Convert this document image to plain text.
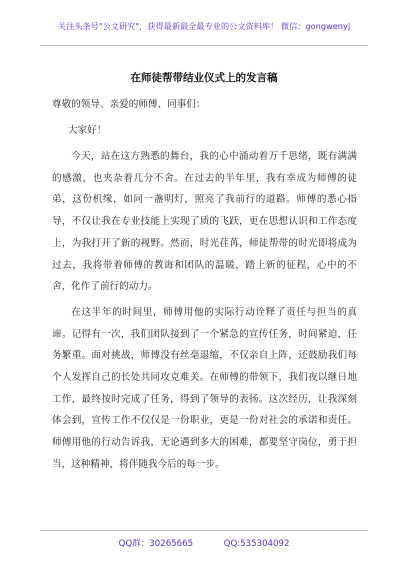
关注头条号"公文研究"，获得最新最全最专业的公文资料库！ 微信：gongwenyj
在师徒帮带结业仪式上的发言稿
尊敬的领导、亲爱的师傅、同事们：
大家好！

今天，站在这方熟悉的舞台，我的心中涌动着万千思绪，既有满满的感激，也夹杂着几分不舍。在过去的半年里，我有幸成为师傅的徒弟，这份机缘，如同一盏明灯，照亮了我前行的道路。师傅的悉心指导，不仅让我在专业技能上实现了质的飞跃，更在思想认识和工作态度上，为我打开了新的视野。然而，时光荏苒，师徒帮带的时光即将成为过去，我将带着师傅的教诲和团队的温暖，踏上新的征程，心中的不舍，化作了前行的动力。

在这半年的时间里，师傅用他的实际行动诠释了责任与担当的真谛。记得有一次，我们团队接到了一个紧急的宣传任务，时间紧迫，任务繁重。面对挑战，师傅没有丝毫退缩，不仅亲自上阵，还鼓励我们每个人发挥自己的长处共同攻克难关。在师傅的带领下，我们夜以继日地工作，最终按时完成了任务，得到了领导的表扬。这次经历，让我深刻体会到，宣传工作不仅仅是一份职业，更是一份对社会的承诺和责任。师傅用他的行动告诉我，无论遇到多大的困难，都要坚守岗位，勇于担当，这种精神，将伴随我今后的每一步。

QQ群：30265665	QQ:535304092
